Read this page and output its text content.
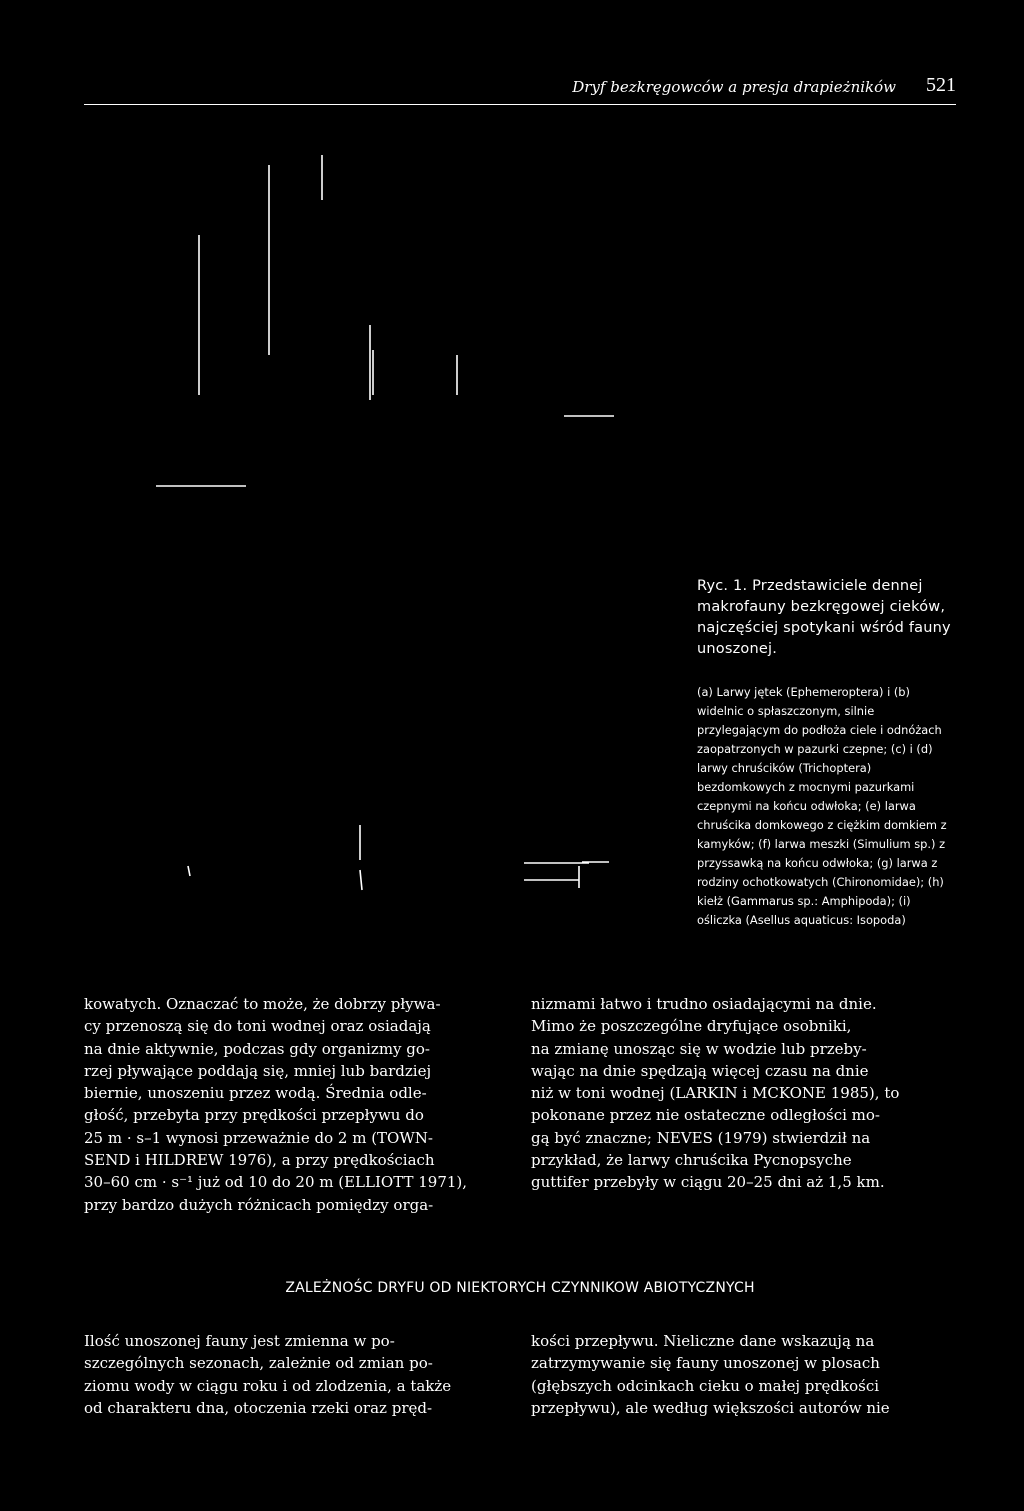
Dryf bezkręgowców a presja drapieżników 521
Ryc. 1. Przedstawiciele dennej makrofauny bezkręgowej cieków, najczęściej spotykani wśród fauny unoszonej.
(a) Larwy jętek (Ephemeroptera) i (b) widelnic o spłaszczonym, silnie przylegającym do podłoża ciele i odnóżach zaopatrzonych w pazurki czepne; (c) i (d) larwy chruścików (Trichoptera) bezdomkowych z mocnymi pazurkami czepnymi na końcu odwłoka; (e) larwa chruścika domkowego z ciężkim domkiem z kamyków; (f) larwa meszki (Simulium sp.) z przyssawką na końcu odwłoka; (g) larwa z rodziny ochotkowatych (Chironomidae); (h) kiełż (Gammarus sp.: Amphipoda); (i) ośliczka (Asellus aquaticus: Isopoda)
kowatych. Oznaczać to może, że dobrzy pływa-
cy przenoszą się do toni wodnej oraz osiadają
na dnie aktywnie, podczas gdy organizmy go-
rzej pływające poddają się, mniej lub bardziej
biernie, unoszeniu przez wodą. Średnia odle-
głość, przebyta przy prędkości przepływu do
25 m · s–1 wynosi przeważnie do 2 m (TOWN-
SEND i HILDREW 1976), a przy prędkościach
30–60 cm · s⁻¹ już od 10 do 20 m (ELLIOTT 1971),
przy bardzo dużych różnicach pomiędzy orga-
nizmami łatwo i trudno osiadającymi na dnie.
Mimo że poszczególne dryfujące osobniki,
na zmianę unosząc się w wodzie lub przeby-
wając na dnie spędzają więcej czasu na dnie
niż w toni wodnej (LARKIN i MCKONE 1985), to
pokonane przez nie ostateczne odległości mo-
gą być znaczne; NEVES (1979) stwierdził na
przykład, że larwy chruścika Pycnopsyche
guttifer przebyły w ciągu 20–25 dni aż 1,5 km.
ZALEŻNOŚC DRYFU OD NIEKTORYCH CZYNNIKOW ABIOTYCZNYCH
Ilość unoszonej fauny jest zmienna w po-
szczególnych sezonach, zależnie od zmian po-
ziomu wody w ciągu roku i od zlodzenia, a także
od charakteru dna, otoczenia rzeki oraz pręd-
kości przepływu. Nieliczne dane wskazują na
zatrzymywanie się fauny unoszonej w plosach
(głębszych odcinkach cieku o małej prędkości
przepływu), ale według większości autorów nie
